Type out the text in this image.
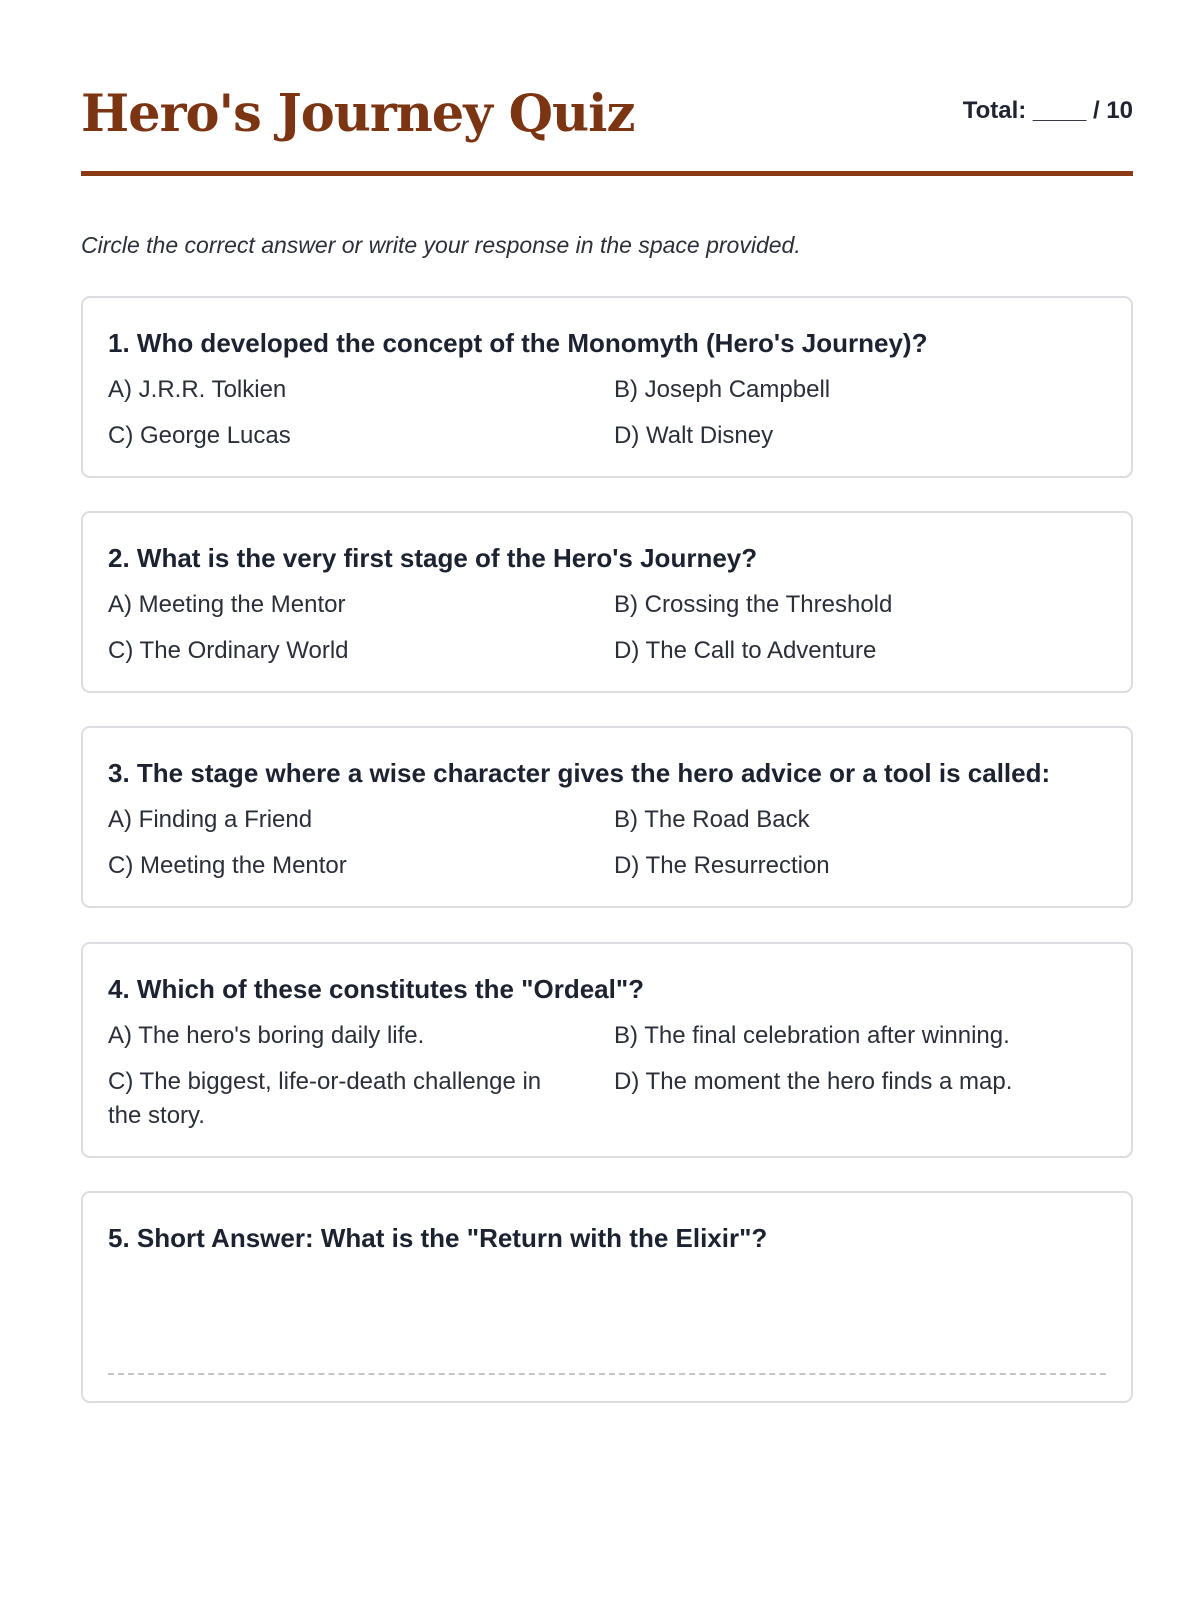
Hero's Journey Quiz	Total: ____ / 10
Circle the correct answer or write your response in the space provided.
1. Who developed the concept of the Monomyth (Hero's Journey)?
A) J.R.R. Tolkien	B) Joseph Campbell
C) George Lucas	D) Walt Disney
2. What is the very first stage of the Hero's Journey?
A) Meeting the Mentor	B) Crossing the Threshold
C) The Ordinary World	D) The Call to Adventure
3. The stage where a wise character gives the hero advice or a tool is called:
A) Finding a Friend	B) The Road Back
C) Meeting the Mentor	D) The Resurrection
4. Which of these constitutes the "Ordeal"?
A) The hero's boring daily life.	B) The final celebration after winning.
C) The biggest, life-or-death challenge in the story.
D) The moment the hero finds a map.
5. Short Answer: What is the "Return with the Elixir"?
